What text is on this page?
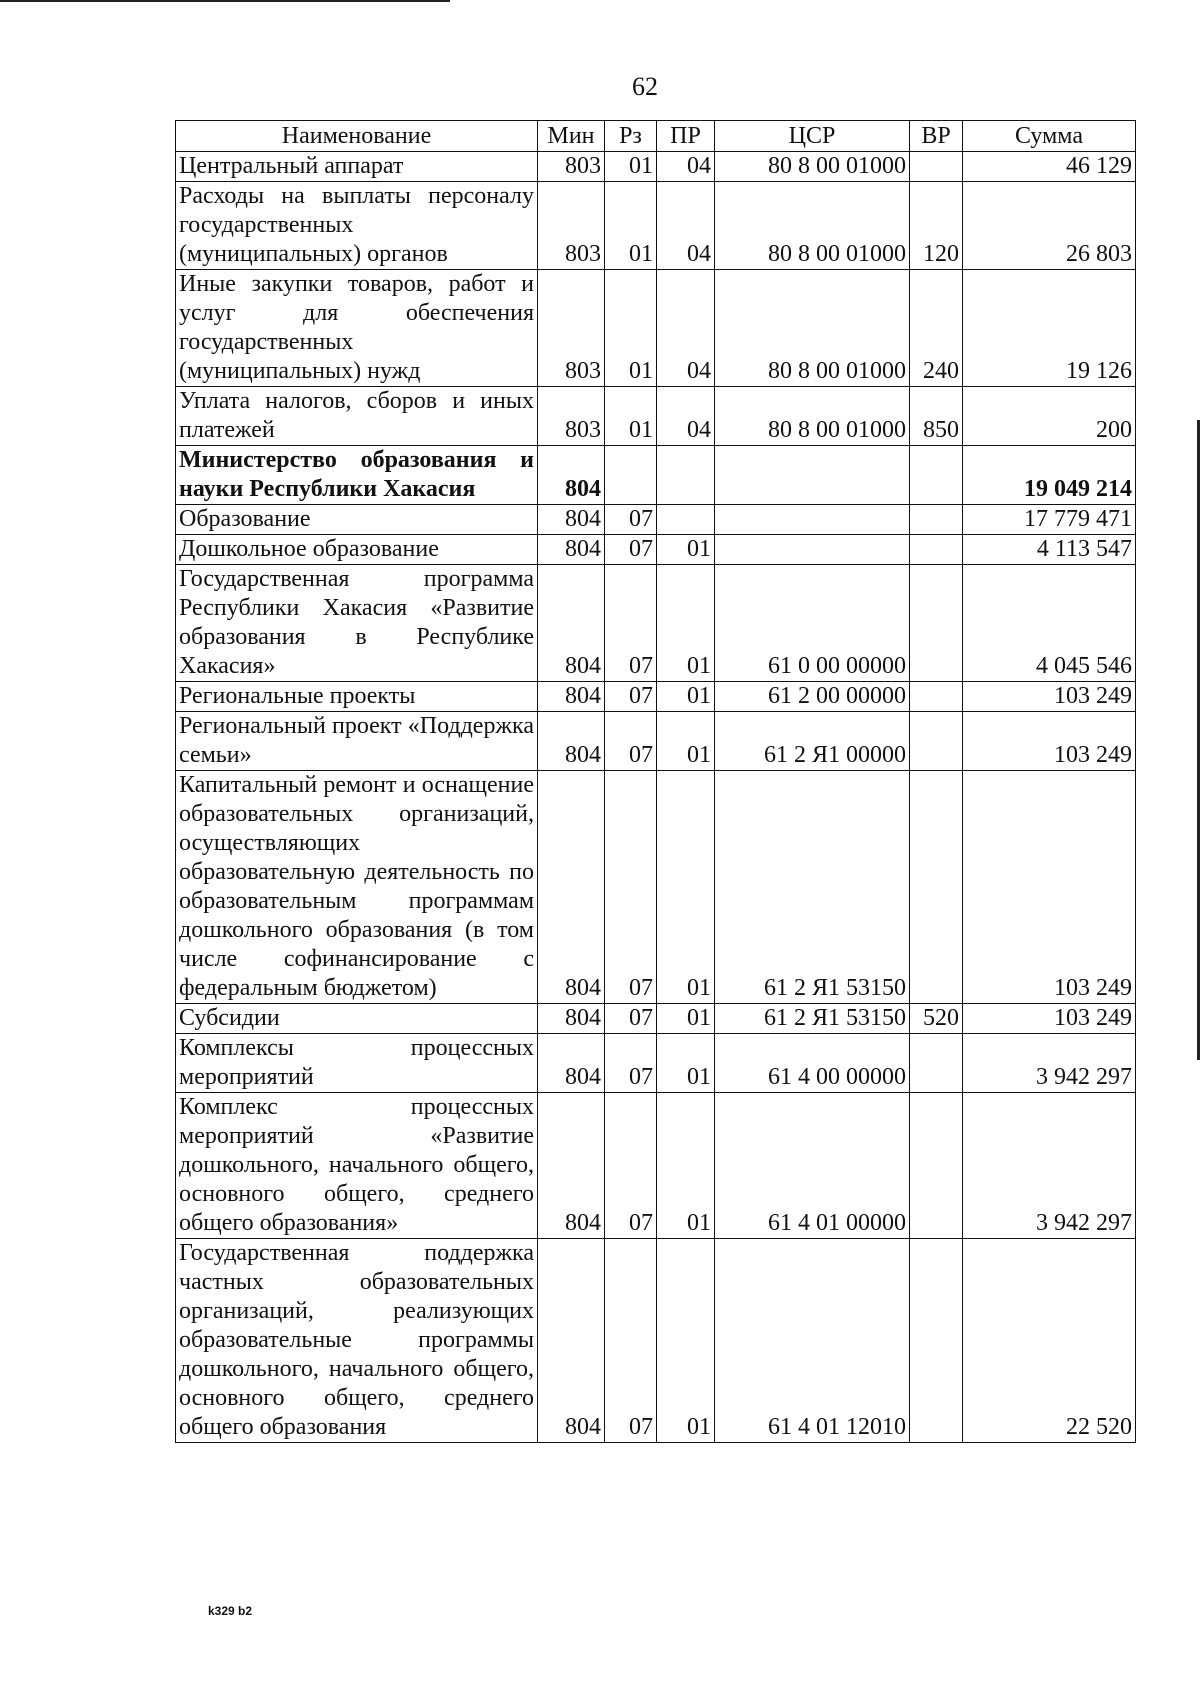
62
Наименование	Мин	Рз	ПР	ЦСР	ВР	Сумма
Центральный аппарат	803	01	04	80 8 00 01000		46 129
Расходы на выплаты персоналу государственных (муниципальных) органов	803	01	04	80 8 00 01000	120	26 803
Иные закупки товаров, работ и услуг для обеспечения государственных (муниципальных) нужд	803	01	04	80 8 00 01000	240	19 126
Уплата налогов, сборов и иных платежей	803	01	04	80 8 00 01000	850	200
Министерство образования и науки Республики Хакасия	804					19 049 214
Образование	804	07				17 779 471
Дошкольное образование	804	07	01			4 113 547
Государственная программа Республики Хакасия «Развитие образования в Республике Хакасия»	804	07	01	61 0 00 00000		4 045 546
Региональные проекты	804	07	01	61 2 00 00000		103 249
Региональный проект «Поддержка семьи»	804	07	01	61 2 Я1 00000		103 249
Капитальный ремонт и оснащение образовательных организаций, осуществляющих образовательную деятельность по образовательным программам дошкольного образования (в том числе софинансирование с федеральным бюджетом)	804	07	01	61 2 Я1 53150		103 249
Субсидии	804	07	01	61 2 Я1 53150	520	103 249
Комплексы процессных мероприятий	804	07	01	61 4 00 00000		3 942 297
Комплекс процессных мероприятий «Развитие дошкольного, начального общего, основного общего, среднего общего образования»	804	07	01	61 4 01 00000		3 942 297
Государственная поддержка частных образовательных организаций, реализующих образовательные программы дошкольного, начального общего, основного общего, среднего общего образования	804	07	01	61 4 01 12010		22 520
k329 b2
